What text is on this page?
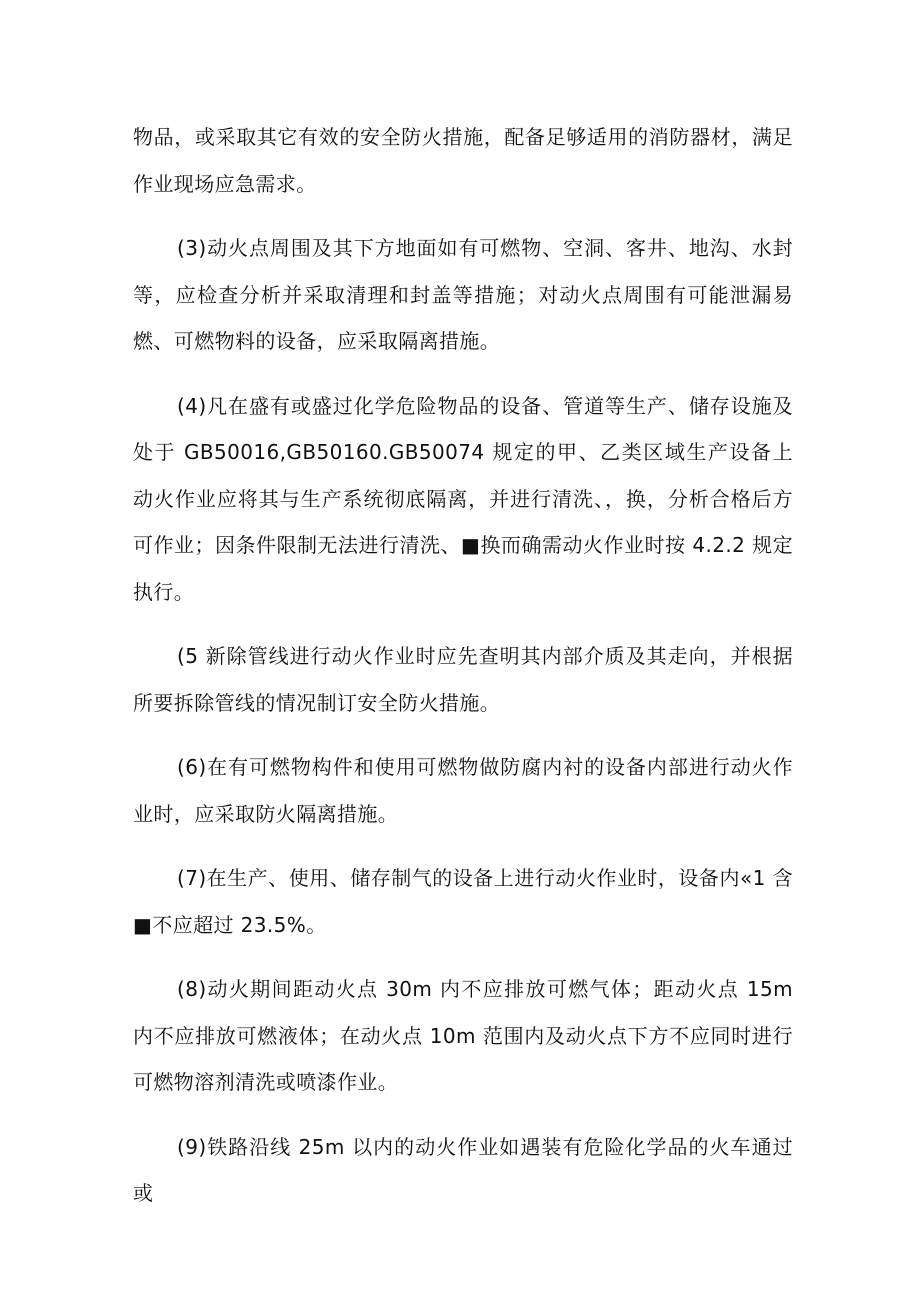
物品，或采取其它有效的安全防火措施，配备足够适用的消防器材，满足作业现场应急需求。

(3)动火点周围及其下方地面如有可燃物、空洞、客井、地沟、水封等，应检查分析并采取清理和封盖等措施；对动火点周围有可能泄漏易燃、可燃物料的设备，应采取隔离措施。

(4)凡在盛有或盛过化学危险物品的设备、管道等生产、储存设施及处于 GB50016,GB50160.GB50074 规定的甲、乙类区域生产设备上动火作业应将其与生产系统彻底隔离，并进行清洗、，换，分析合格后方可作业；因条件限制无法进行清洗、■换而确需动火作业时按 4.2.2 规定执行。

(5 新除管线进行动火作业时应先查明其内部介质及其走向，并根据所要拆除管线的情况制订安全防火措施。

(6)在有可燃物构件和使用可燃物做防腐内衬的设备内部进行动火作业时，应采取防火隔离措施。

(7)在生产、使用、储存制气的设备上进行动火作业时，设备内«1 含■不应超过 23.5%。

(8)动火期间距动火点 30m 内不应排放可燃气体；距动火点 15m 内不应排放可燃液体；在动火点 10m 范围内及动火点下方不应同时进行可燃物溶剂清洗或喷漆作业。

(9)铁路沿线 25m 以内的动火作业如遇装有危险化学品的火车通过或
